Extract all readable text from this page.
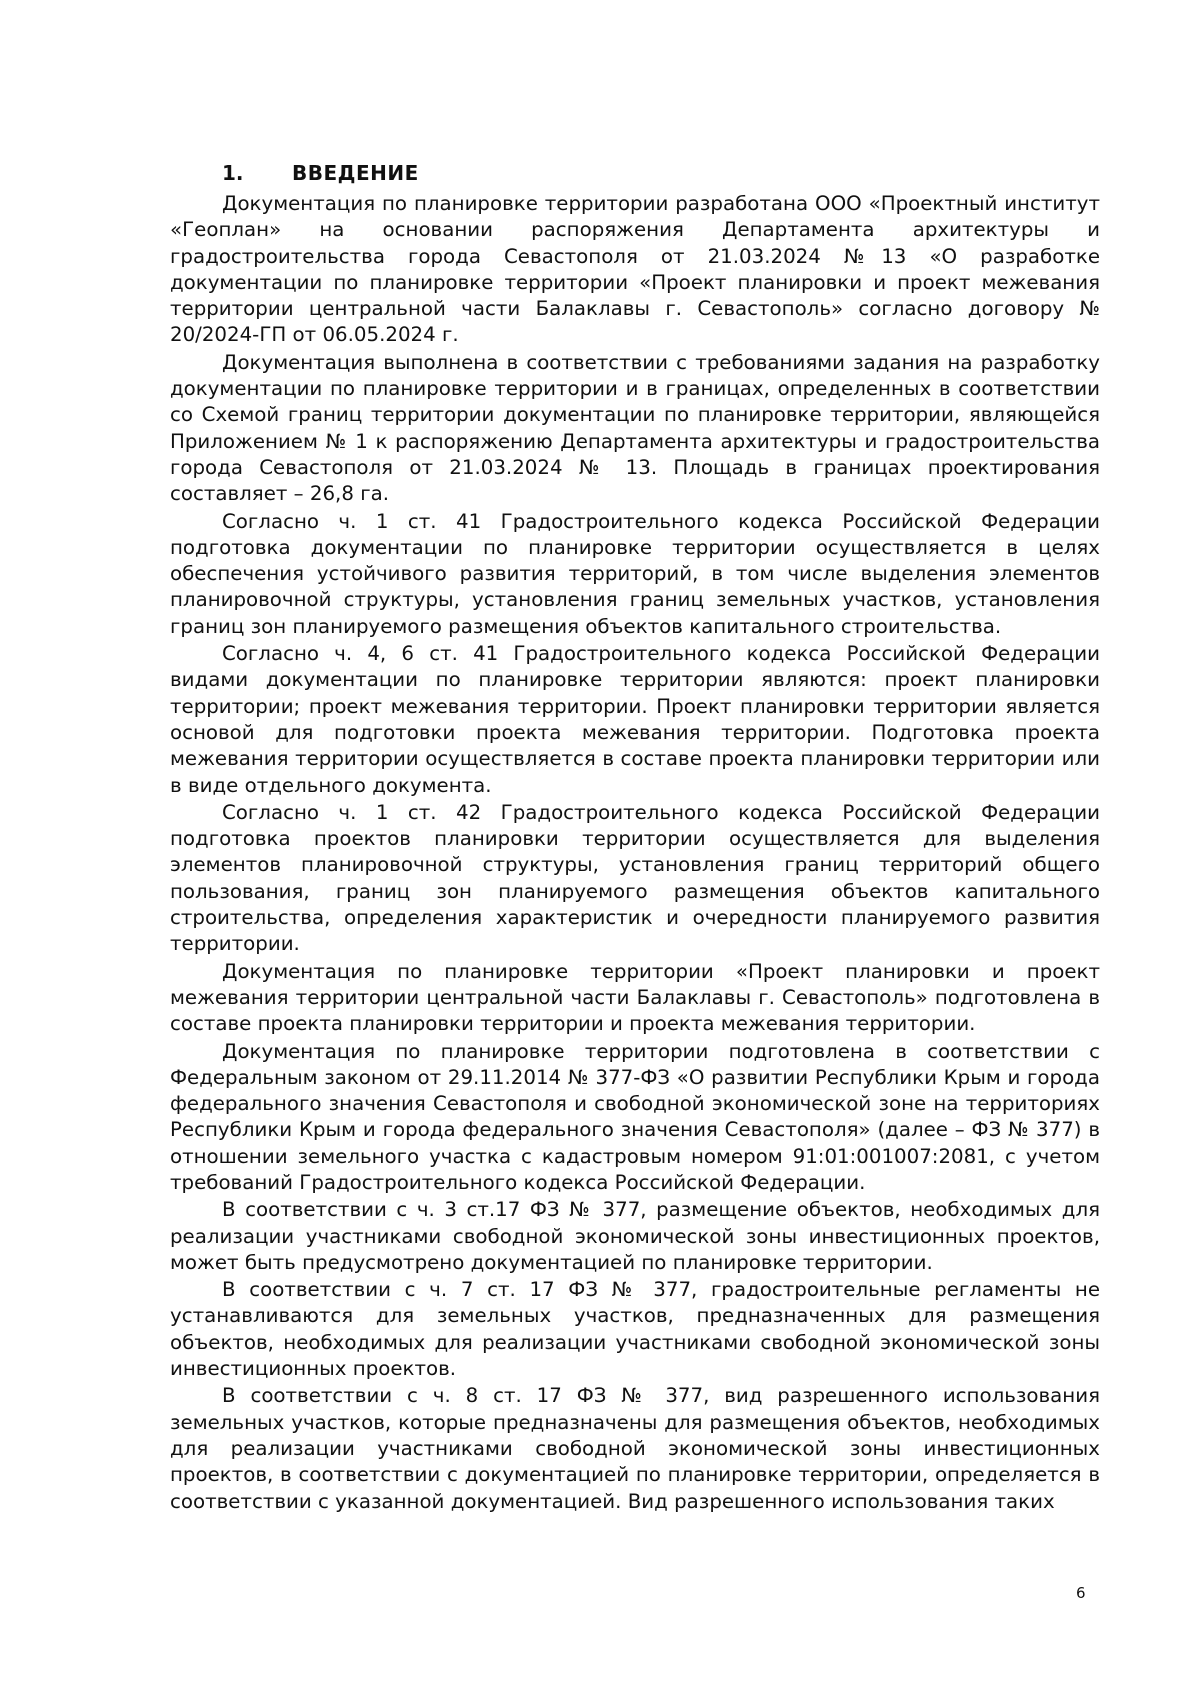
1.	ВВЕДЕНИЕ

Документация по планировке территории разработана ООО «Проектный институт «Геоплан» на основании распоряжения Департамента архитектуры и градостроительства города Севастополя от 21.03.2024 №13 «О разработке документации по планировке территории «Проект планировки и проект межевания территории центральной части Балаклавы г. Севастополь» согласно договору № 20/2024-ГП от 06.05.2024 г.

Документация выполнена в соответствии с требованиями задания на разработку документации по планировке территории и в границах, определенных в соответствии со Схемой границ территории документации по планировке территории, являющейся Приложением № 1 к распоряжению Департамента архитектуры и градостроительства города Севастополя от 21.03.2024 № 13. Площадь в границах проектирования составляет – 26,8 га.

Согласно ч. 1 ст. 41 Градостроительного кодекса Российской Федерации подготовка документации по планировке территории осуществляется в целях обеспечения устойчивого развития территорий, в том числе выделения элементов планировочной структуры, установления границ земельных участков, установления границ зон планируемого размещения объектов капитального строительства.

Согласно ч. 4, 6 ст. 41 Градостроительного кодекса Российской Федерации видами документации по планировке территории являются: проект планировки территории; проект межевания территории. Проект планировки территории является основой для подготовки проекта межевания территории. Подготовка проекта межевания территории осуществляется в составе проекта планировки территории или в виде отдельного документа.

Согласно ч. 1 ст. 42 Градостроительного кодекса Российской Федерации подготовка проектов планировки территории осуществляется для выделения элементов планировочной структуры, установления границ территорий общего пользования, границ зон планируемого размещения объектов капитального строительства, определения характеристик и очередности планируемого развития территории.

Документация по планировке территории «Проект планировки и проект межевания территории центральной части Балаклавы г. Севастополь» подготовлена в составе проекта планировки территории и проекта межевания территории.

Документация по планировке территории подготовлена в соответствии с Федеральным законом от 29.11.2014 № 377-ФЗ «О развитии Республики Крым и города федерального значения Севастополя и свободной экономической зоне на территориях Республики Крым и города федерального значения Севастополя» (далее – ФЗ № 377) в отношении земельного участка с кадастровым номером 91:01:001007:2081, с учетом требований Градостроительного кодекса Российской Федерации.

В соответствии с ч. 3 ст.17 ФЗ № 377, размещение объектов, необходимых для реализации участниками свободной экономической зоны инвестиционных проектов, может быть предусмотрено документацией по планировке территории.

В соответствии с ч. 7 ст. 17 ФЗ № 377, градостроительные регламенты не устанавливаются для земельных участков, предназначенных для размещения объектов, необходимых для реализации участниками свободной экономической зоны инвестиционных проектов.

В соответствии с ч. 8 ст. 17 ФЗ № 377, вид разрешенного использования земельных участков, которые предназначены для размещения объектов, необходимых для реализации участниками свободной экономической зоны инвестиционных проектов, в соответствии с документацией по планировке территории, определяется в соответствии с указанной документацией. Вид разрешенного использования таких

6
